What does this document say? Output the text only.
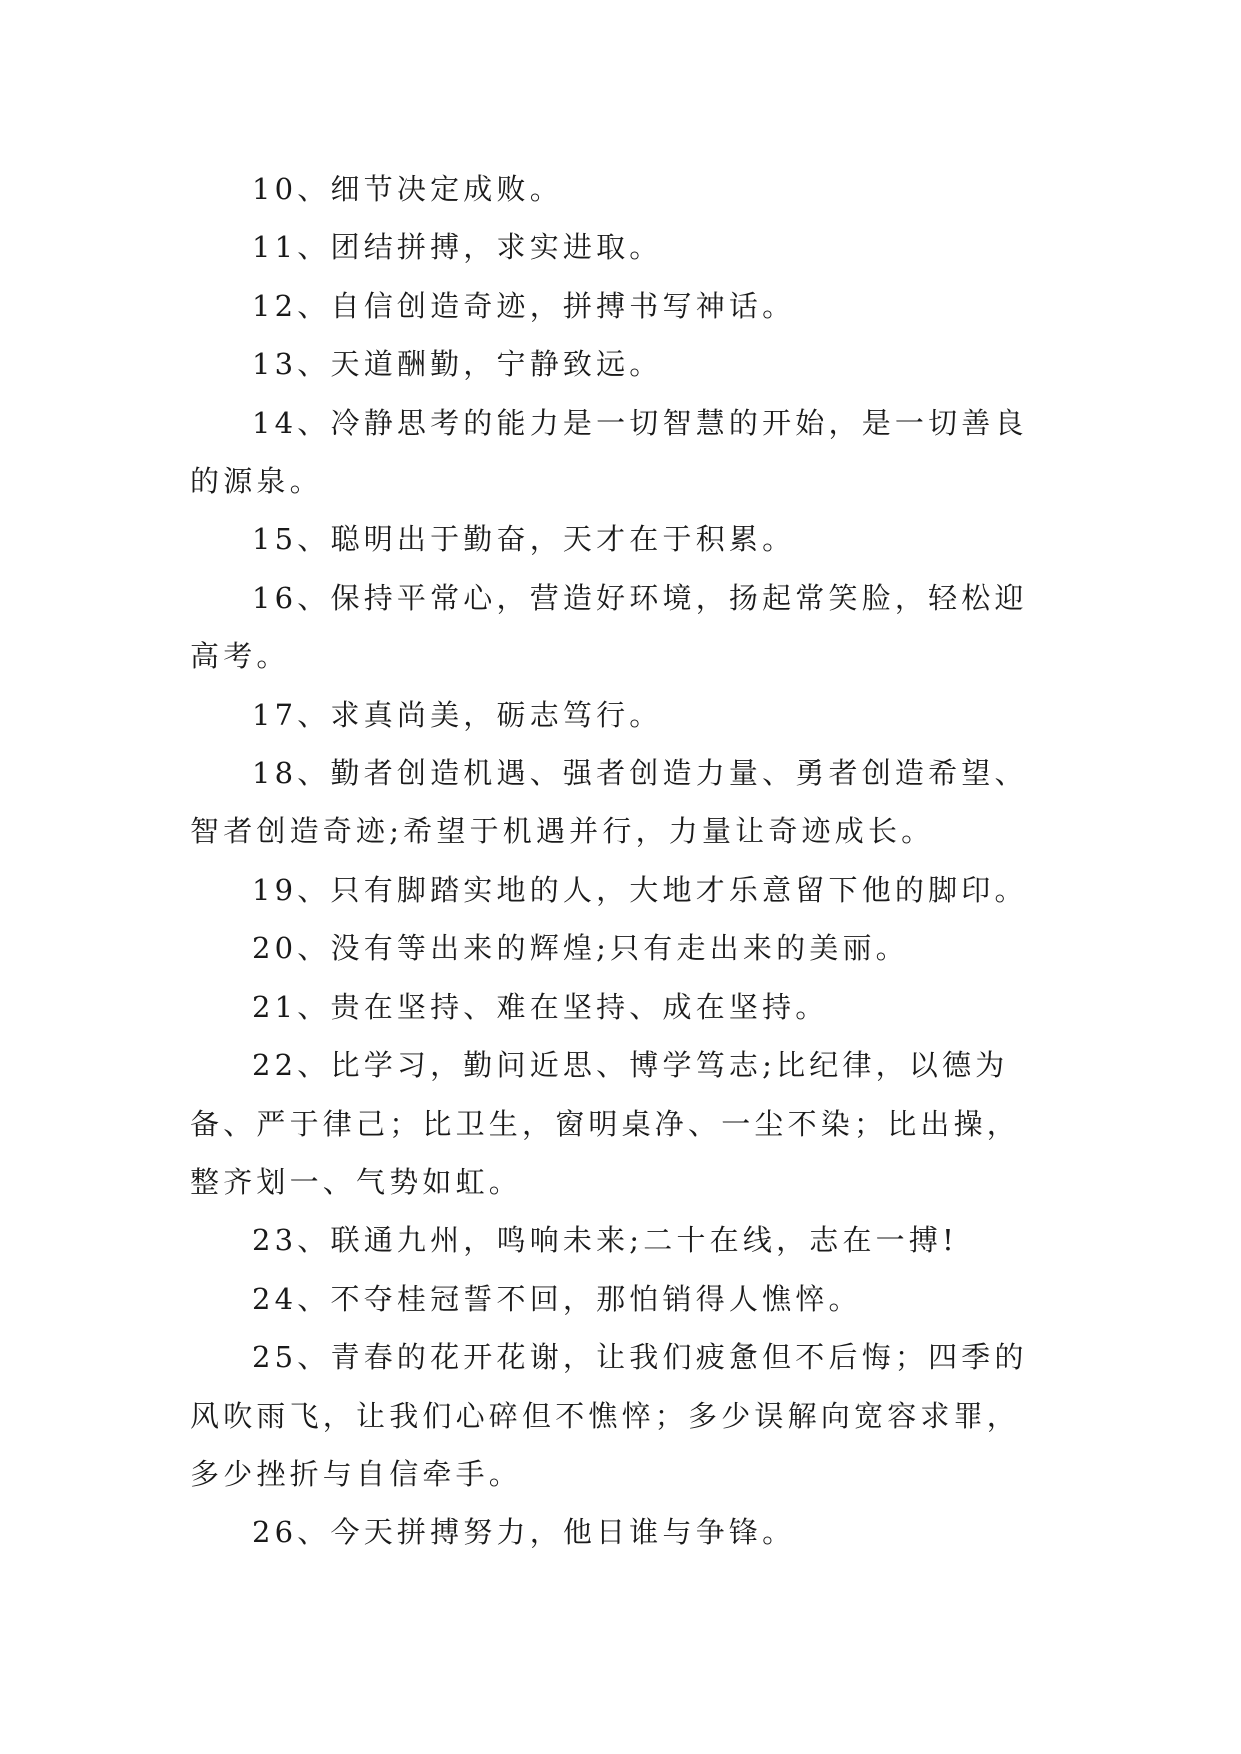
10、细节决定成败。

11、团结拼搏，求实进取。

12、自信创造奇迹，拼搏书写神话。

13、天道酬勤，宁静致远。

14、冷静思考的能力是一切智慧的开始，是一切善良的源泉。

15、聪明出于勤奋，天才在于积累。

16、保持平常心，营造好环境，扬起常笑脸，轻松迎高考。

17、求真尚美，砺志笃行。

18、勤者创造机遇、强者创造力量、勇者创造希望、智者创造奇迹;希望于机遇并行，力量让奇迹成长。

19、只有脚踏实地的人，大地才乐意留下他的脚印。

20、没有等出来的辉煌;只有走出来的美丽。

21、贵在坚持、难在坚持、成在坚持。

22、比学习，勤问近思、博学笃志;比纪律，以德为备、严于律己；比卫生，窗明桌净、一尘不染；比出操，整齐划一、气势如虹。

23、联通九州，鸣响未来;二十在线，志在一搏!

24、不夺桂冠誓不回，那怕销得人憔悴。

25、青春的花开花谢，让我们疲惫但不后悔；四季的风吹雨飞，让我们心碎但不憔悴；多少误解向宽容求罪，多少挫折与自信牵手。

26、今天拼搏努力，他日谁与争锋。
